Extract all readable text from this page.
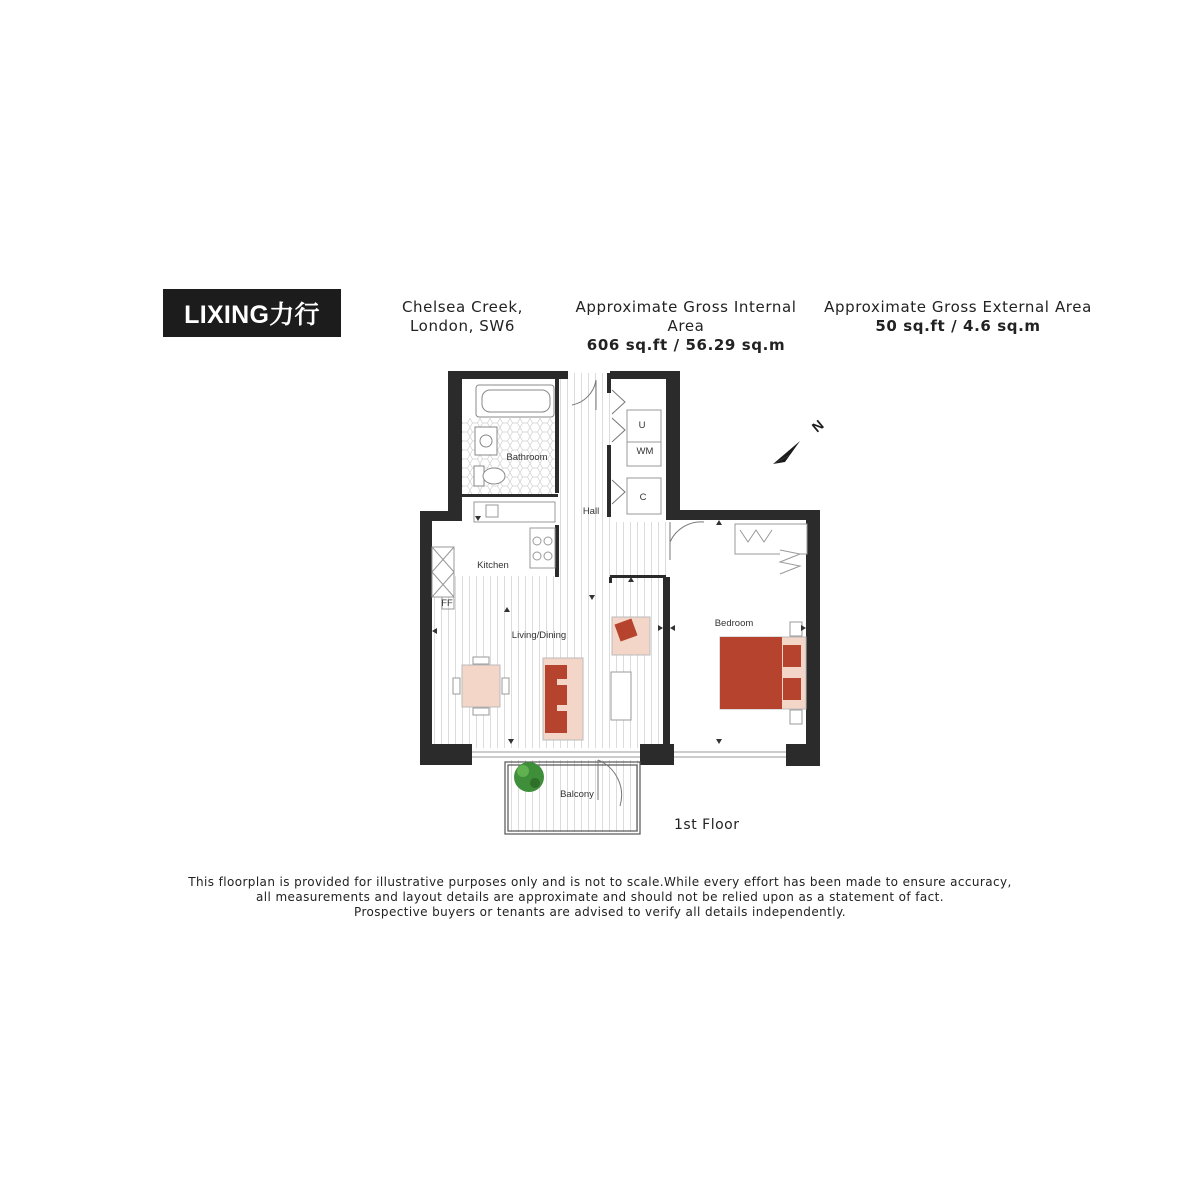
LIXING力行	Chelsea Creek,
London, SW6
Approximate Gross Internal Area
606 sq.ft / 56.29 sq.m
Approximate Gross External Area
50 sq.ft / 4.6 sq.m
U
WM
C
Bathroom
FF
Kitchen
Hall
Living/Dining
Bedroom
Balcony
N
1st Floor
This floorplan is provided for illustrative purposes only and is not to scale.While every effort has been made to ensure accuracy,
all measurements and layout details are approximate and should not be relied upon as a statement of fact.
Prospective buyers or tenants are advised to verify all details independently.
